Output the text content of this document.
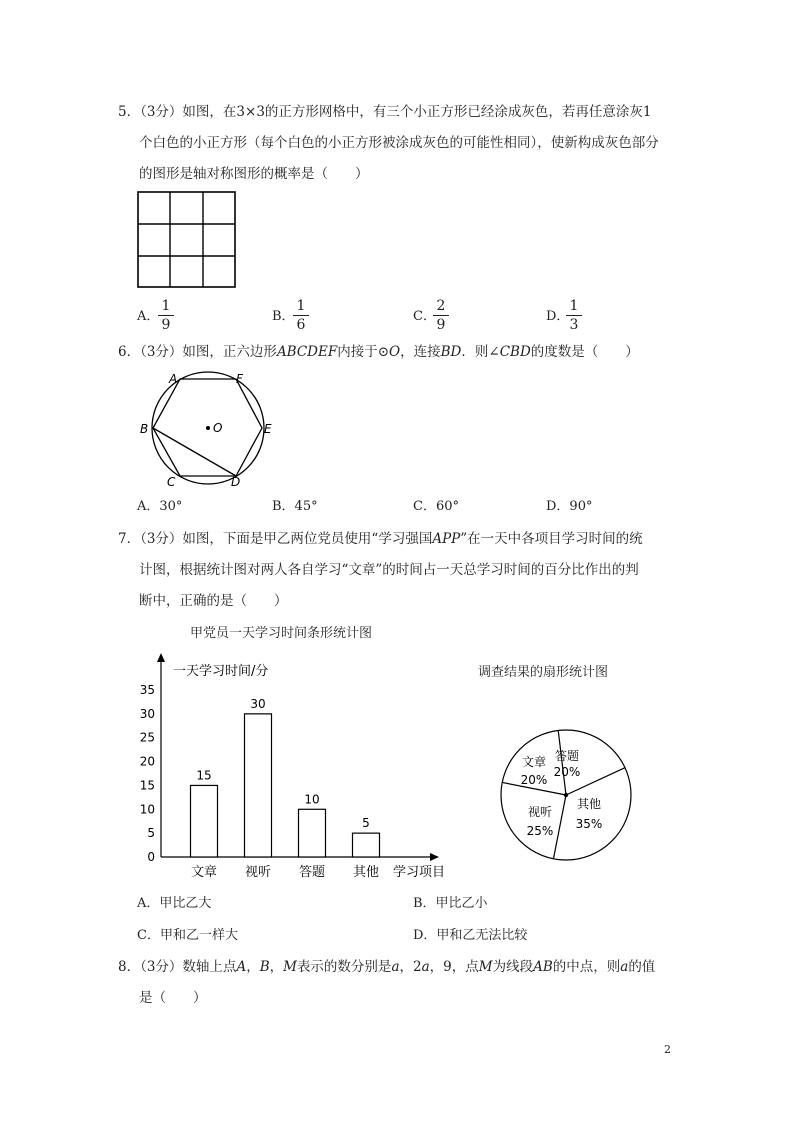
5．（3分）如图，在3×3的正方形网格中，有三个小正方形已经涂成灰色，若再任意涂灰1
个白色的小正方形（每个白色的小正方形被涂成灰色的可能性相同），使新构成灰色部分
的图形是轴对称图形的概率是（　　）
A．
1
9
B．
1
6
C．
2
9
D．
1
3
6．（3分）如图，正六边形ABCDEF内接于⊙O，连接BD．则∠CBD的度数是（　　）
A	F
B	E
C	D
O
A．30°	B．45°	C．60°	D．90°
7．（3分）如图，下面是甲乙两位党员使用“学习强国APP”在一天中各项目学习时间的统
计图，根据统计图对两人各自学习“文章”的时间占一天总学习时间的百分比作出的判
断中，正确的是（　　）
甲党员一天学习时间条形统计图
一天学习时间/分
学习项目
0
5
10
15
20
25
30
35
15
文章
30
视听
10
答题
5
其他
调查结果的扇形统计图
答题
20%
其他
35%
视听
25%
文章
20%
A．甲比乙大	B．甲比乙小
C．甲和乙一样大	D．甲和乙无法比较
8．（3分）数轴上点A，B，M表示的数分别是a，2a，9，点M为线段AB的中点，则a的值
是（　　）
2
